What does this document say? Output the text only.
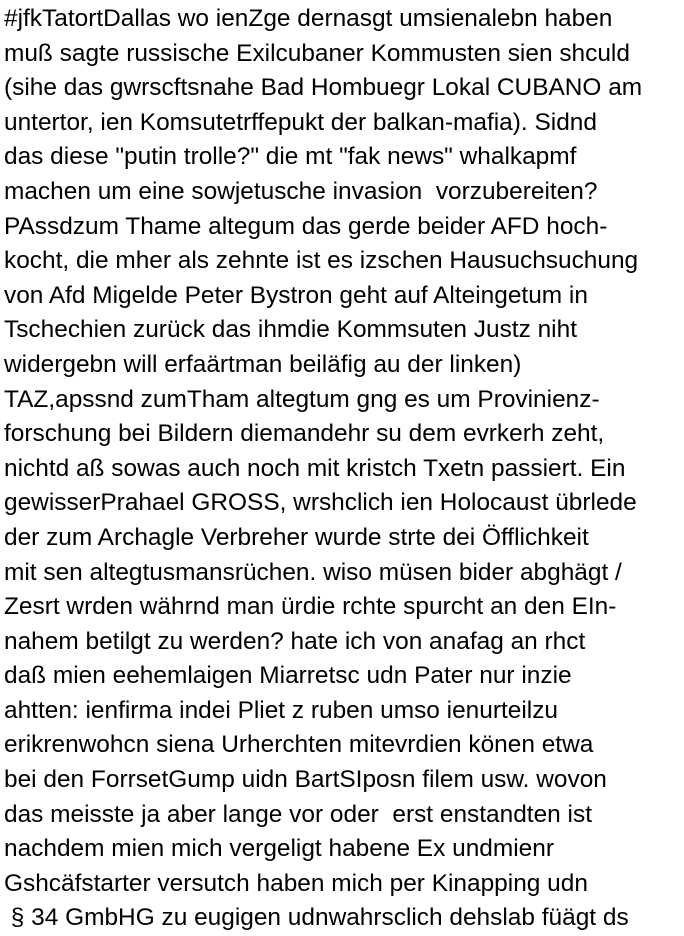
#jfkTatortDallas wo ienZge dernasgt umsienalebn haben
muß sagte russische Exilcubaner Kommusten sien shculd
(sihe das gwrscftsnahe Bad Hombuegr Lokal CUBANO am
untertor, ien Komsutetrffepukt der balkan-mafia). Sidnd
das diese "putin trolle?" die mt "fak news" whalkapmf
machen um eine sowjetusche invasion  vorzubereiten?
PAssdzum Thame altegum das gerde beider AFD hoch-
kocht, die mher als zehnte ist es izschen Hausuchsuchung
von Afd Migelde Peter Bystron geht auf Alteingetum in
Tschechien zurück das ihmdie Kommsuten Justz niht
widergebn will erfaärtman beiläfig au der linken)
TAZ,apssnd zumTham altegtum gng es um Provinienz-
forschung bei Bildern diemandehr su dem evrkerh zeht,
nichtd aß sowas auch noch mit kristch Txetn passiert. Ein
gewisserPrahael GROSS, wrshclich ien Holocaust übrlede
der zum Archagle Verbreher wurde strte dei Öfflichkeit
mit sen altegtusmansrüchen. wiso müsen bider abghägt /
Zesrt wrden währnd man ürdie rchte spurcht an den EIn-
nahem betilgt zu werden? hate ich von anafag an rhct
daß mien eehemlaigen Miarretsc udn Pater nur inzie
ahtten: ienfirma indei Pliet z ruben umso ienurteilzu
erikrenwohcn siena Urherchten mitevrdien könen etwa
bei den ForrsetGump uidn BartSIposn filem usw. wovon
das meisste ja aber lange vor oder  erst enstandten ist
nachdem mien mich vergeligt habene Ex undmienr
Gshcäfstarter versutch haben mich per Kinapping udn
§ 34 GmbHG zu eugigen udnwahrsclich dehslab füägt ds
